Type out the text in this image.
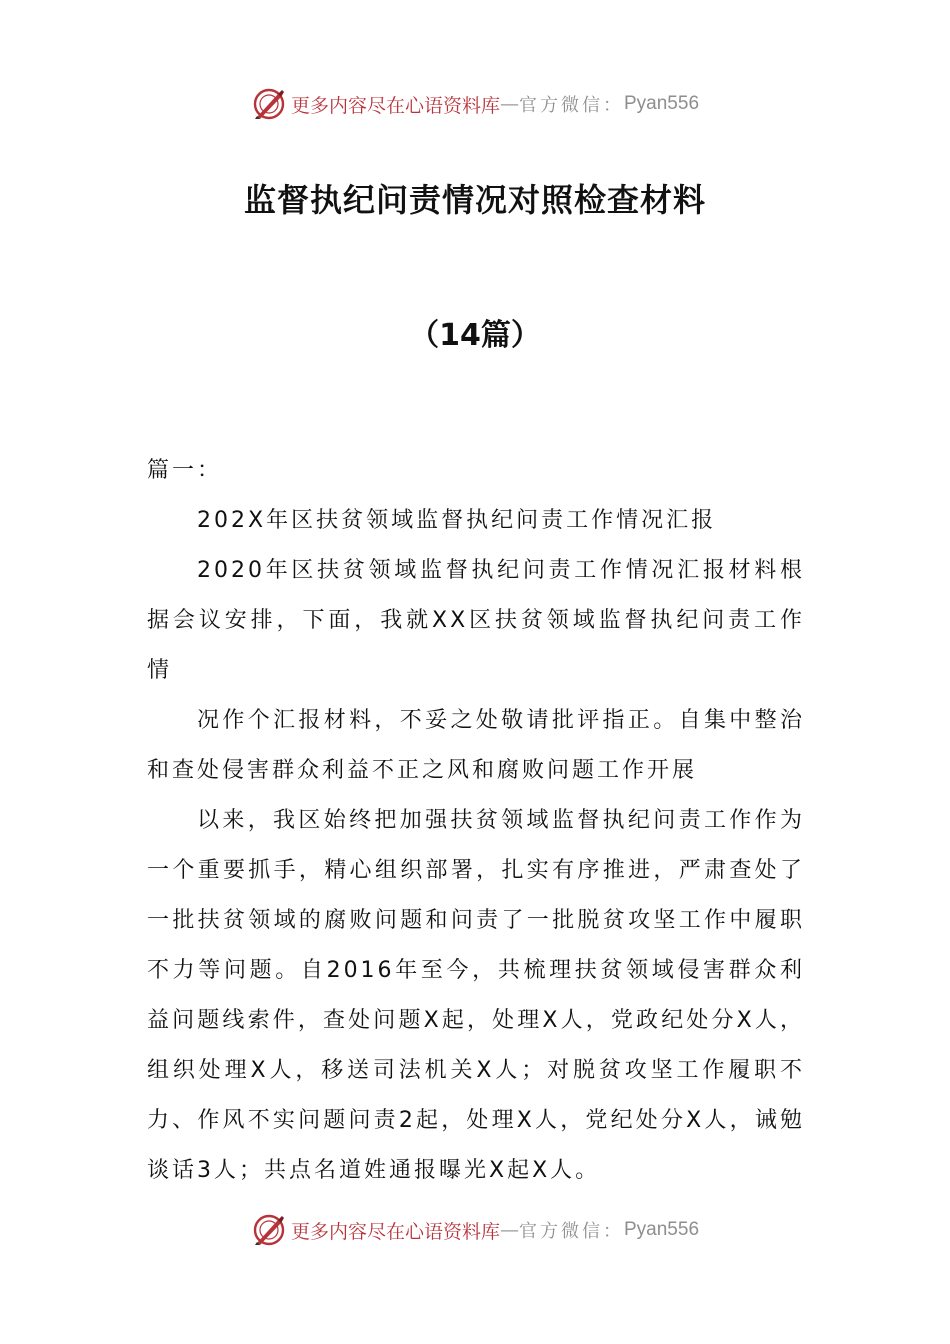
更多内容尽在心语资料库 — 官方微信： Pyan556
监督执纪问责情况对照检查材料
（14篇）

篇一：

202X年区扶贫领域监督执纪问责工作情况汇报

2020年区扶贫领域监督执纪问责工作情况汇报材料根据会议安排，下面，我就XX区扶贫领域监督执纪问责工作情

况作个汇报材料，不妥之处敬请批评指正。自集中整治和查处侵害群众利益不正之风和腐败问题工作开展

以来，我区始终把加强扶贫领域监督执纪问责工作作为一个重要抓手，精心组织部署，扎实有序推进，严肃查处了一批扶贫领域的腐败问题和问责了一批脱贫攻坚工作中履职不力等问题。自2016年至今，共梳理扶贫领域侵害群众利益问题线索件，查处问题X起，处理X人，党政纪处分X人，组织处理X人，移送司法机关X人；对脱贫攻坚工作履职不力、作风不实问题问责2起，处理X人，党纪处分X人，诫勉谈话3人；共点名道姓通报曝光X起X人。

更多内容尽在心语资料库 — 官方微信： Pyan556
